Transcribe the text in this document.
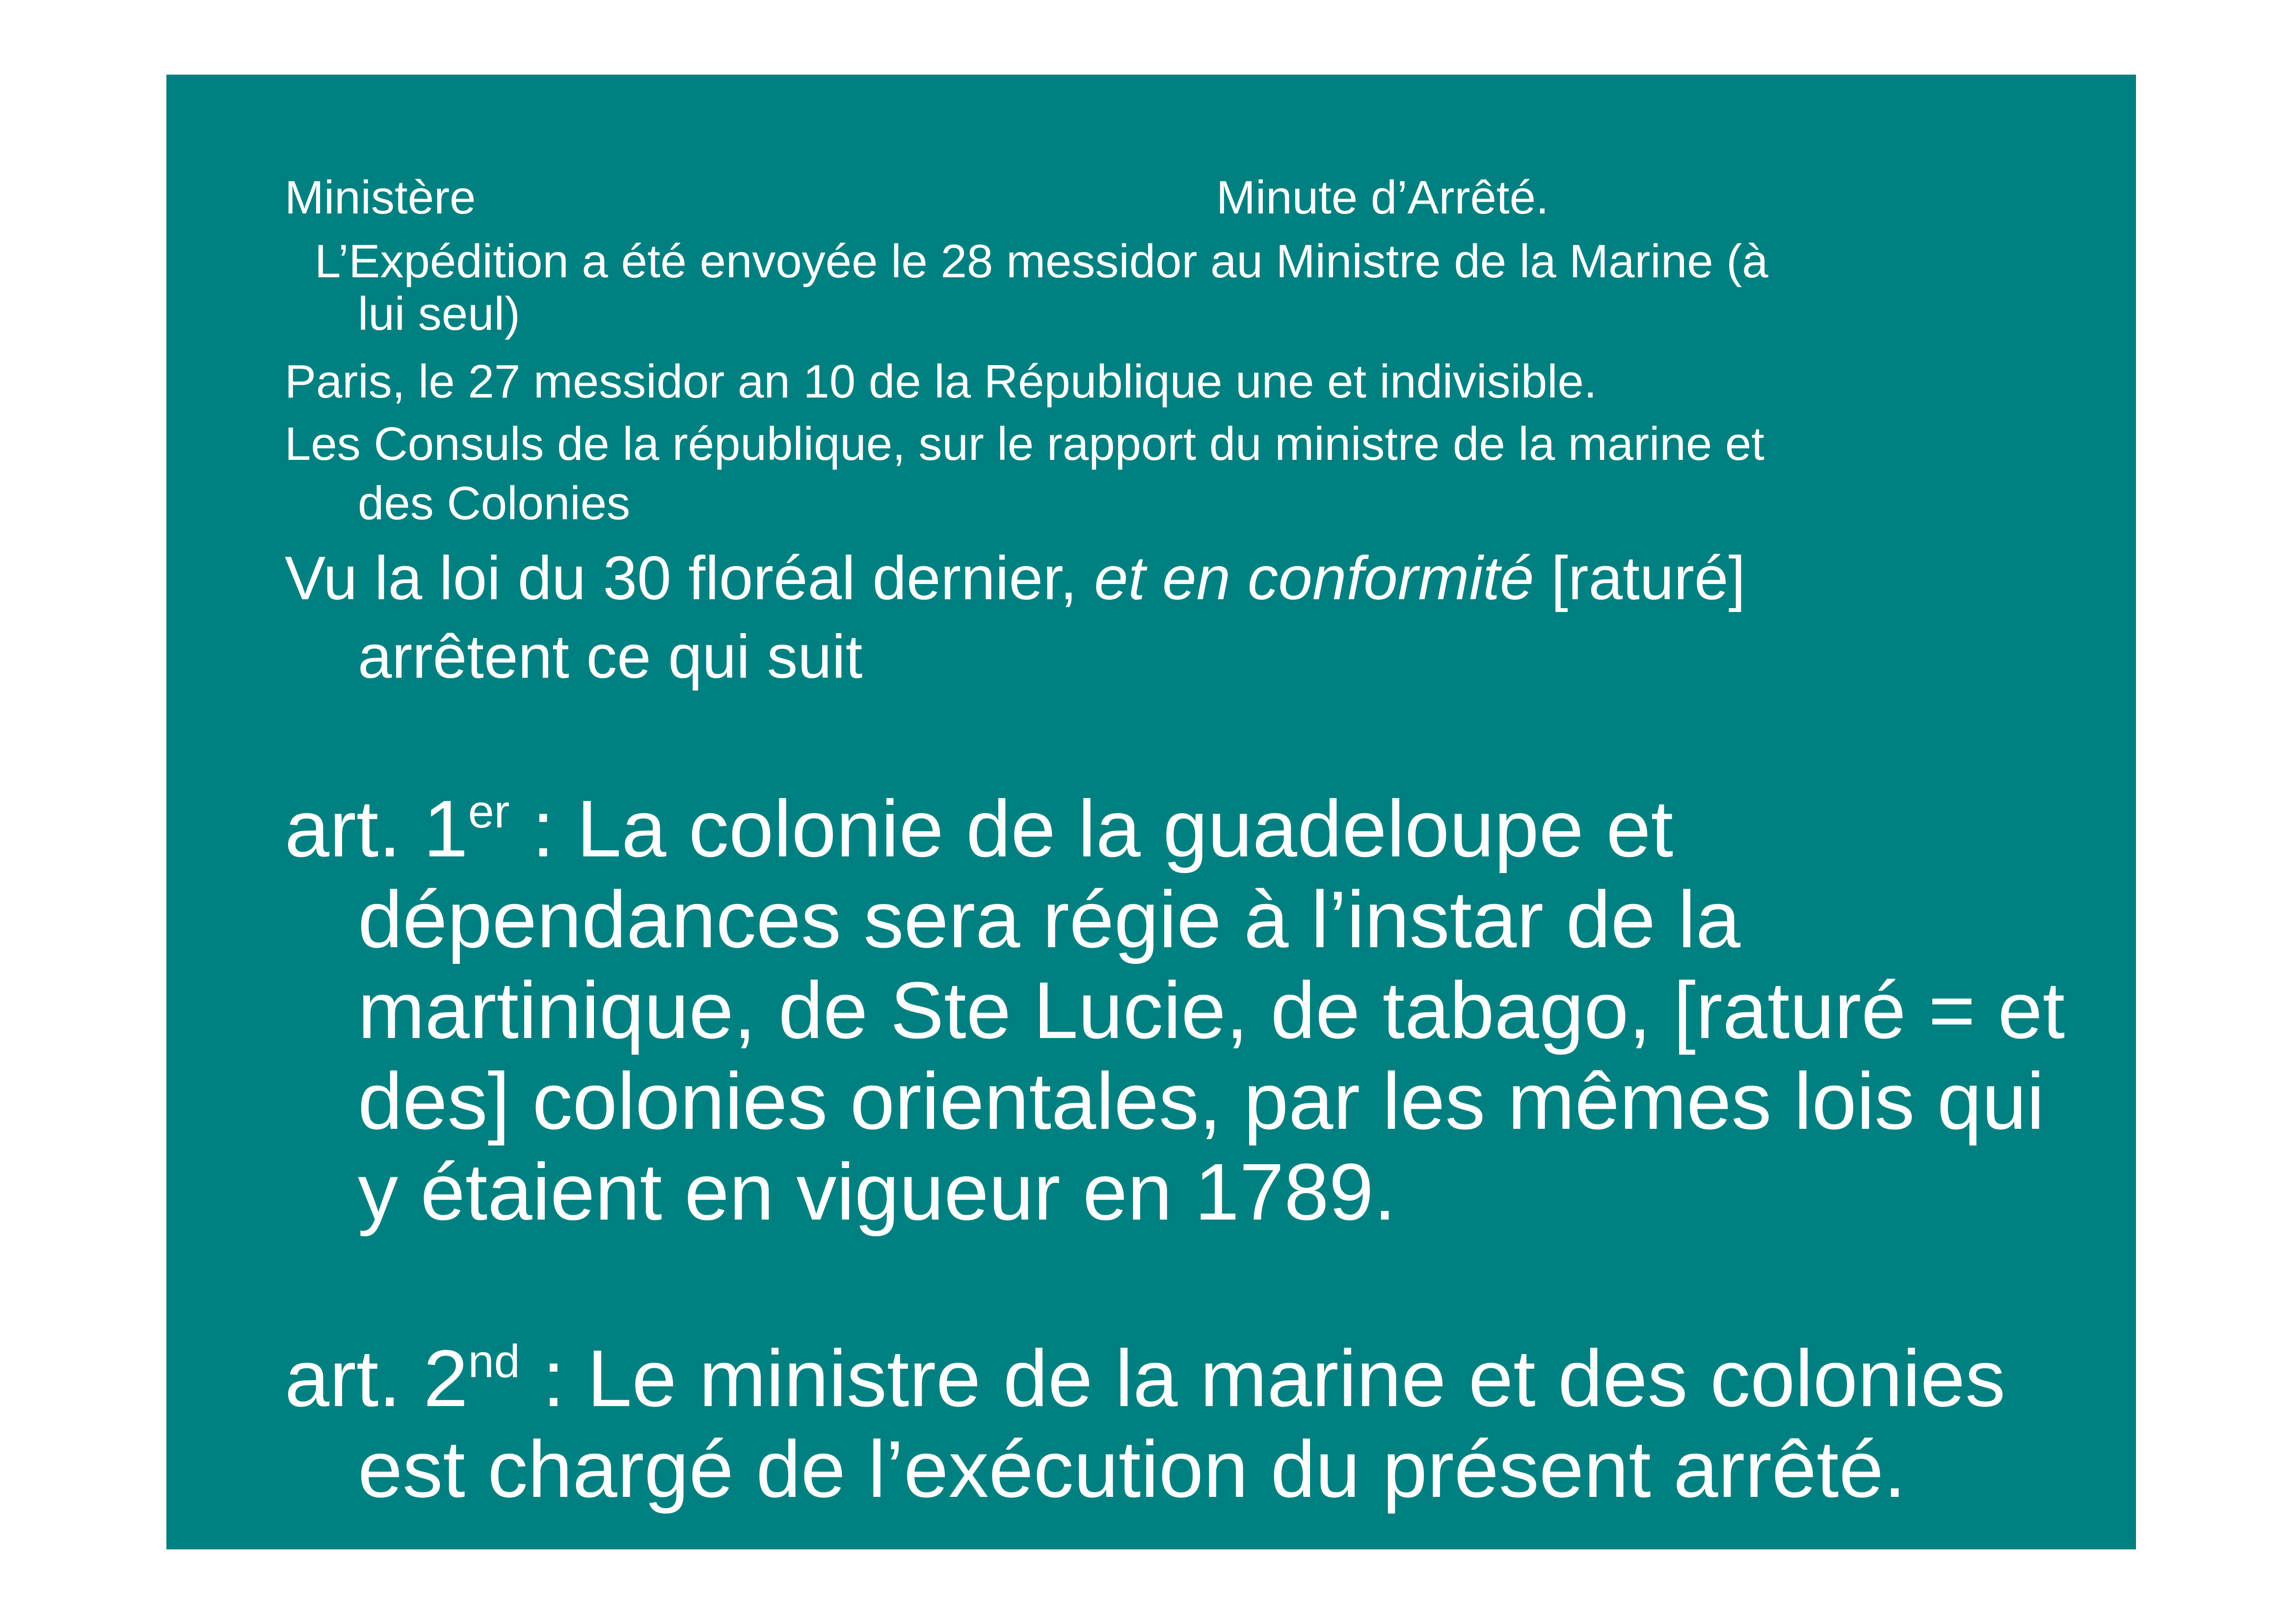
Ministère	Minute d’Arrêté.
L’Expédition a été envoyée le 28 messidor au Ministre de la Marine (à
lui seul)
Paris, le 27 messidor an 10 de la République une et indivisible.
Les Consuls de la république, sur le rapport du ministre de la marine et
des Colonies
Vu la loi du 30 floréal dernier, et en conformité [raturé]
arrêtent ce qui suit
art. 1er : La colonie de la guadeloupe et
dépendances sera régie à l’instar de la
martinique, de Ste Lucie, de tabago, [raturé = et
des] colonies orientales, par les mêmes lois qui
y étaient en vigueur en 1789.
art. 2nd : Le ministre de la marine et des colonies
est chargé de l’exécution du présent arrêté.
